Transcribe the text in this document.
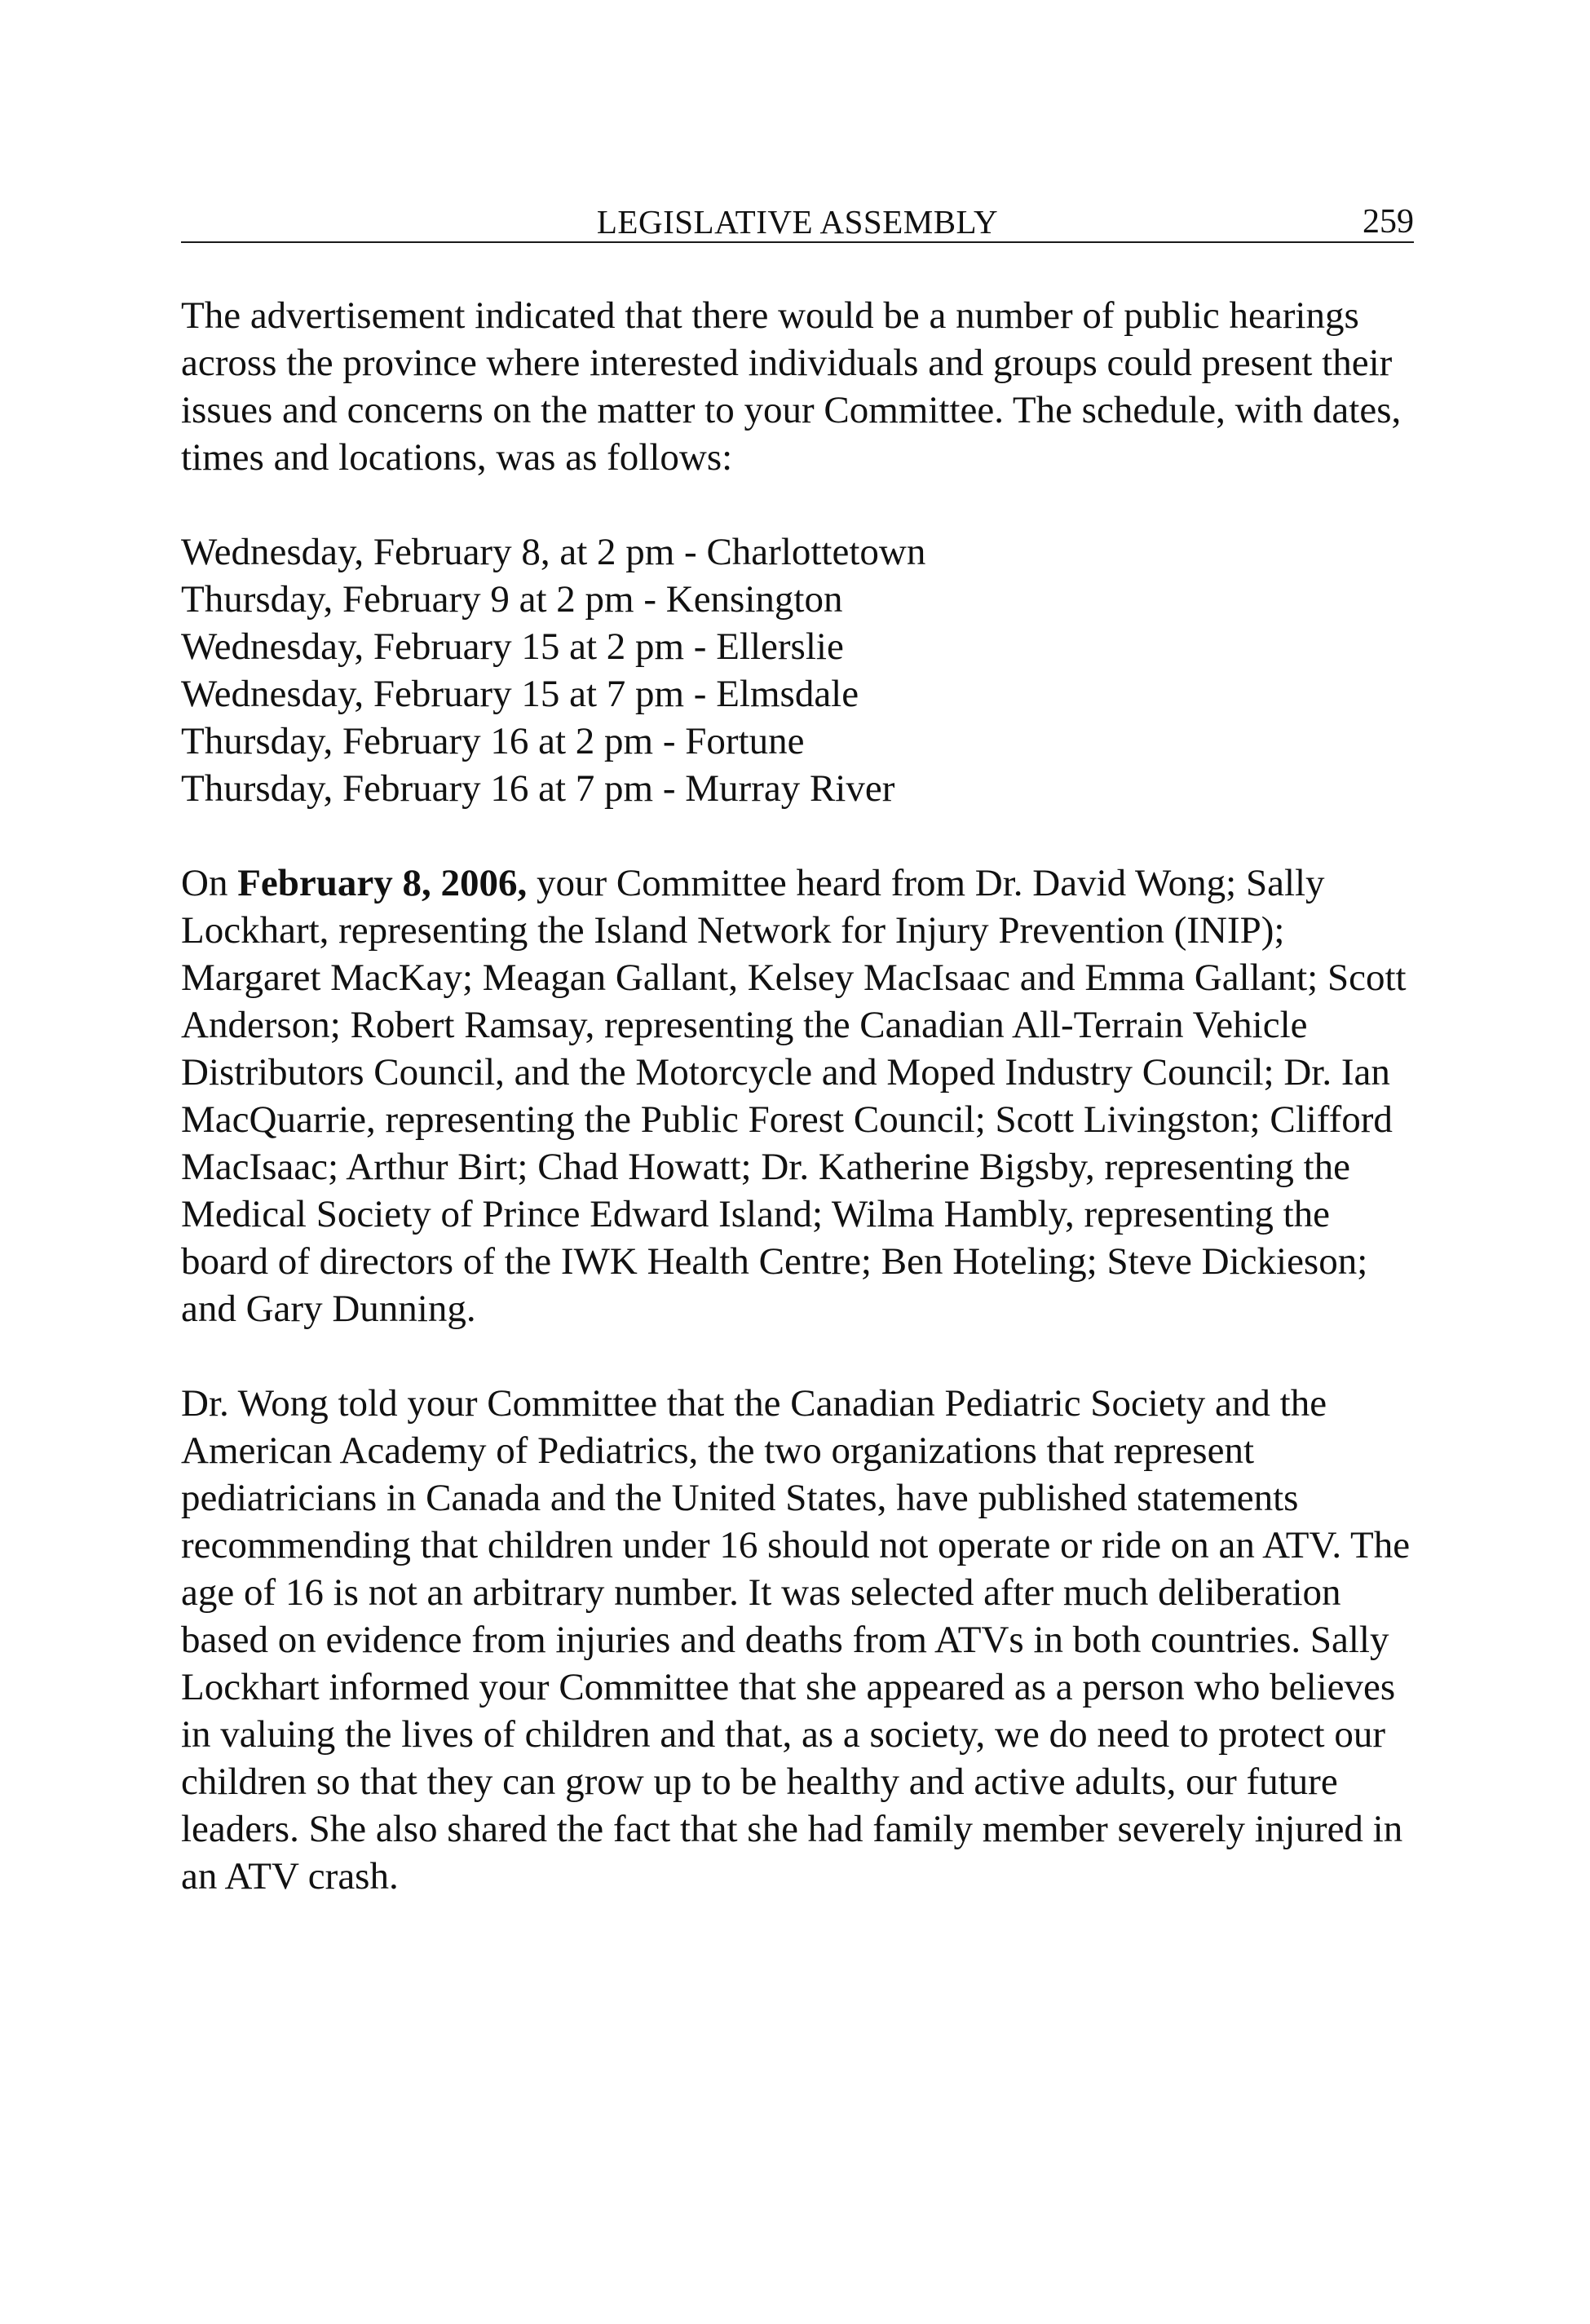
LEGISLATIVE ASSEMBLY	259

The advertisement indicated that there would be a number of public hearings across the province where interested individuals and groups could present their issues and concerns on the matter to your Committee. The schedule, with dates, times and locations, was as follows:

Wednesday, February 8, at 2 pm - Charlottetown
Thursday, February 9 at 2 pm - Kensington
Wednesday, February 15 at 2 pm - Ellerslie
Wednesday, February 15 at 7 pm - Elmsdale
Thursday, February 16 at 2 pm - Fortune
Thursday, February 16 at 7 pm - Murray River

On February 8, 2006, your Committee heard from Dr. David Wong; Sally Lockhart, representing the Island Network for Injury Prevention (INIP); Margaret MacKay; Meagan Gallant, Kelsey MacIsaac and Emma Gallant; Scott Anderson; Robert Ramsay, representing the Canadian All-Terrain Vehicle Distributors Council, and the Motorcycle and Moped Industry Council; Dr. Ian MacQuarrie, representing the Public Forest Council; Scott Livingston; Clifford MacIsaac; Arthur Birt; Chad Howatt; Dr. Katherine Bigsby, representing the Medical Society of Prince Edward Island; Wilma Hambly, representing the board of directors of the IWK Health Centre; Ben Hoteling; Steve Dickieson; and Gary Dunning.

Dr. Wong told your Committee that the Canadian Pediatric Society and the American Academy of Pediatrics, the two organizations that represent pediatricians in Canada and the United States, have published statements recommending that children under 16 should not operate or ride on an ATV. The age of 16 is not an arbitrary number. It was selected after much deliberation based on evidence from injuries and deaths from ATVs in both countries. Sally Lockhart informed your Committee that she appeared as a person who believes in valuing the lives of children and that, as a society, we do need to protect our children so that they can grow up to be healthy and active adults, our future leaders. She also shared the fact that she had family member severely injured in an ATV crash.
